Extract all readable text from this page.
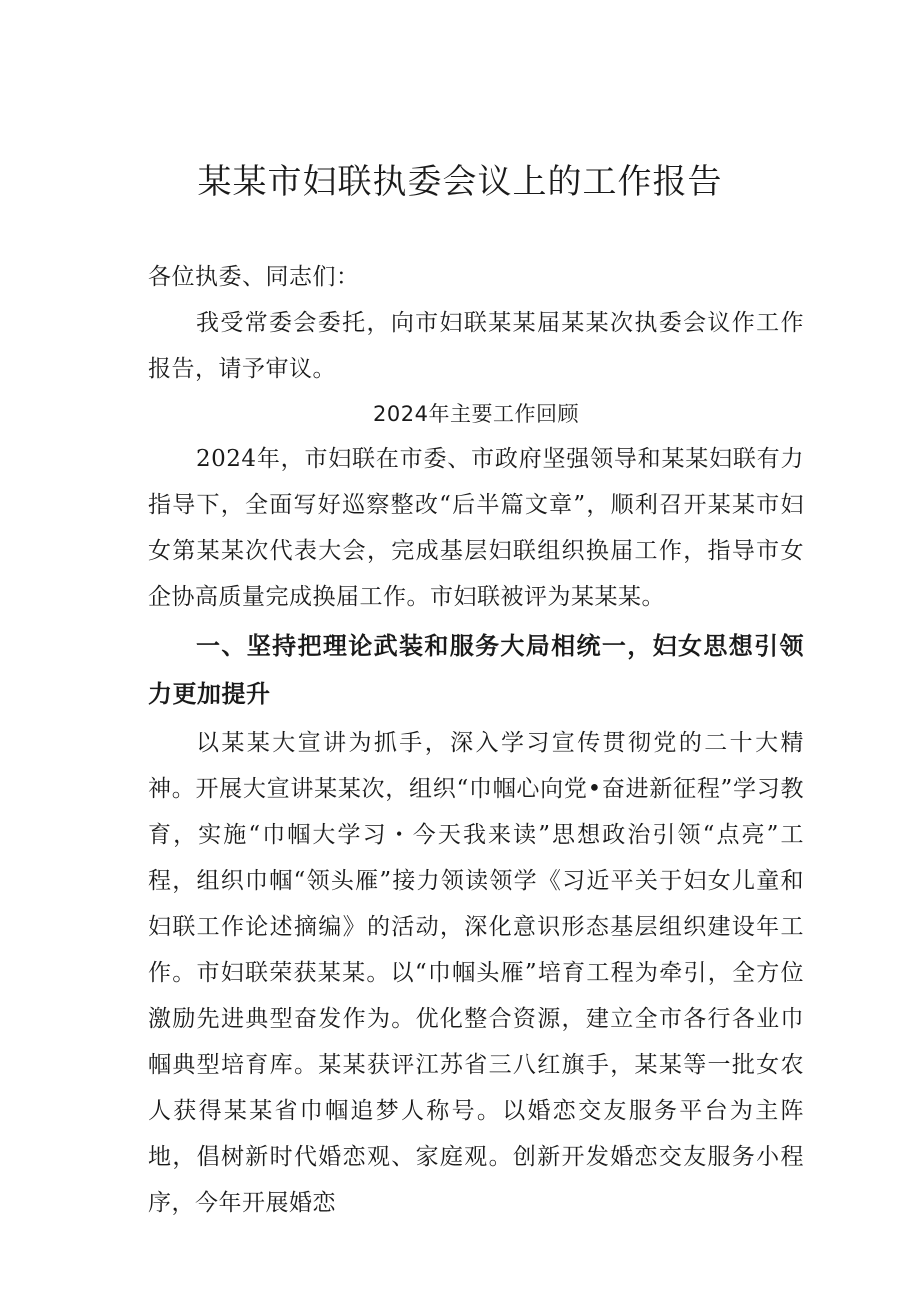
某某市妇联执委会议上的工作报告

各位执委、同志们：

我受常委会委托，向市妇联某某届某某次执委会议作工作报告，请予审议。

2024年主要工作回顾

2024年，市妇联在市委、市政府坚强领导和某某妇联有力指导下，全面写好巡察整改“后半篇文章”，顺利召开某某市妇女第某某次代表大会，完成基层妇联组织换届工作，指导市女企协高质量完成换届工作。市妇联被评为某某某。

一、坚持把理论武装和服务大局相统一，妇女思想引领力更加提升

以某某大宣讲为抓手，深入学习宣传贯彻党的二十大精神。开展大宣讲某某次，组织“巾帼心向党•奋进新征程”学习教育，实施“巾帼大学习・今天我来读”思想政治引领“点亮”工程，组织巾帼“领头雁”接力领读领学《习近平关于妇女儿童和妇联工作论述摘编》的活动，深化意识形态基层组织建设年工作。市妇联荣获某某。以“巾帼头雁”培育工程为牵引，全方位激励先进典型奋发作为。优化整合资源，建立全市各行各业巾帼典型培育库。某某获评江苏省三八红旗手，某某等一批女农人获得某某省巾帼追梦人称号。以婚恋交友服务平台为主阵地，倡树新时代婚恋观、家庭观。创新开发婚恋交友服务小程序，今年开展婚恋
